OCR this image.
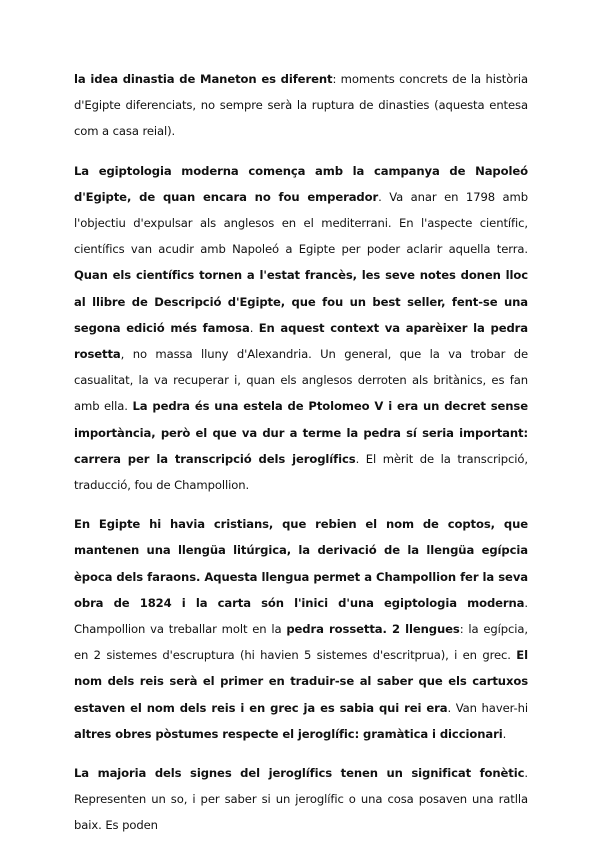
la idea dinastia de Maneton es diferent: moments concrets de la història d'Egipte diferenciats, no sempre serà la ruptura de dinasties (aquesta entesa com a casa reial).

La egiptologia moderna comença amb la campanya de Napoleó d'Egipte, de quan encara no fou emperador. Va anar en 1798 amb l'objectiu d'expulsar als anglesos en el mediterrani. En l'aspecte científic, científics van acudir amb Napoleó a Egipte per poder aclarir aquella terra. Quan els científics tornen a l'estat francès, les seve notes donen lloc al llibre de Descripció d'Egipte, que fou un best seller, fent-se una segona edició més famosa. En aquest context va aparèixer la pedra rosetta, no massa lluny d'Alexandria. Un general, que la va trobar de casualitat, la va recuperar i, quan els anglesos derroten als britànics, es fan amb ella. La pedra és una estela de Ptolomeo V i era un decret sense importància, però el que va dur a terme la pedra sí seria important: carrera per la transcripció dels jeroglífics. El mèrit de la transcripció, traducció, fou de Champollion.

En Egipte hi havia cristians, que rebien el nom de coptos, que mantenen una llengüa litúrgica, la derivació de la llengüa egípcia època dels faraons. Aquesta llengua permet a Champollion fer la seva obra de 1824 i la carta són l'inici d'una egiptologia moderna. Champollion va treballar molt en la pedra rossetta. 2 llengues: la egípcia, en 2 sistemes d'escruptura (hi havien 5 sistemes d'escritpruа), i en grec. El nom dels reis serà el primer en traduir-se al saber que els cartuxos estaven el nom dels reis i en grec ja es sabia qui rei era. Van haver-hi altres obres pòstumes respecte el jeroglífic: gramàtica i diccionari.

La majoria dels signes del jeroglífics tenen un significat fonètic. Representen un so, i per saber si un jeroglífic o una cosa posaven una ratlla baix. Es poden
